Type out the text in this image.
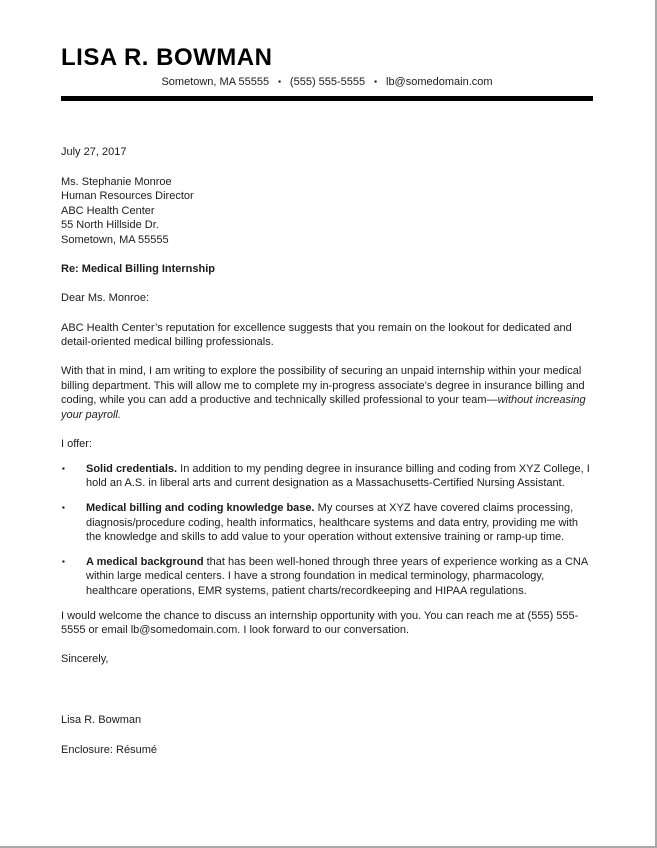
LISA R. BOWMAN
Sometown, MA 55555 ▪ (555) 555-5555 ▪ lb@somedomain.com

July 27, 2017

Ms. Stephanie Monroe
Human Resources Director
ABC Health Center
55 North Hillside Dr.
Sometown, MA 55555

Re: Medical Billing Internship

Dear Ms. Monroe:

ABC Health Center’s reputation for excellence suggests that you remain on the lookout for dedicated and detail-oriented medical billing professionals.

With that in mind, I am writing to explore the possibility of securing an unpaid internship within your medical billing department. This will allow me to complete my in-progress associate’s degree in insurance billing and coding, while you can add a productive and technically skilled professional to your team—without increasing your payroll.

I offer:

▪	Solid credentials. In addition to my pending degree in insurance billing and coding from XYZ College, I hold an A.S. in liberal arts and current designation as a Massachusetts-Certified Nursing Assistant.
▪	Medical billing and coding knowledge base. My courses at XYZ have covered claims processing, diagnosis/procedure coding, health informatics, healthcare systems and data entry, providing me with the knowledge and skills to add value to your operation without extensive training or ramp-up time.
▪	A medical background that has been well-honed through three years of experience working as a CNA within large medical centers. I have a strong foundation in medical terminology, pharmacology, healthcare operations, EMR systems, patient charts/recordkeeping and HIPAA regulations.

I would welcome the chance to discuss an internship opportunity with you. You can reach me at (555) 555-5555 or email lb@somedomain.com. I look forward to our conversation.

Sincerely,

Lisa R. Bowman

Enclosure: Résumé
